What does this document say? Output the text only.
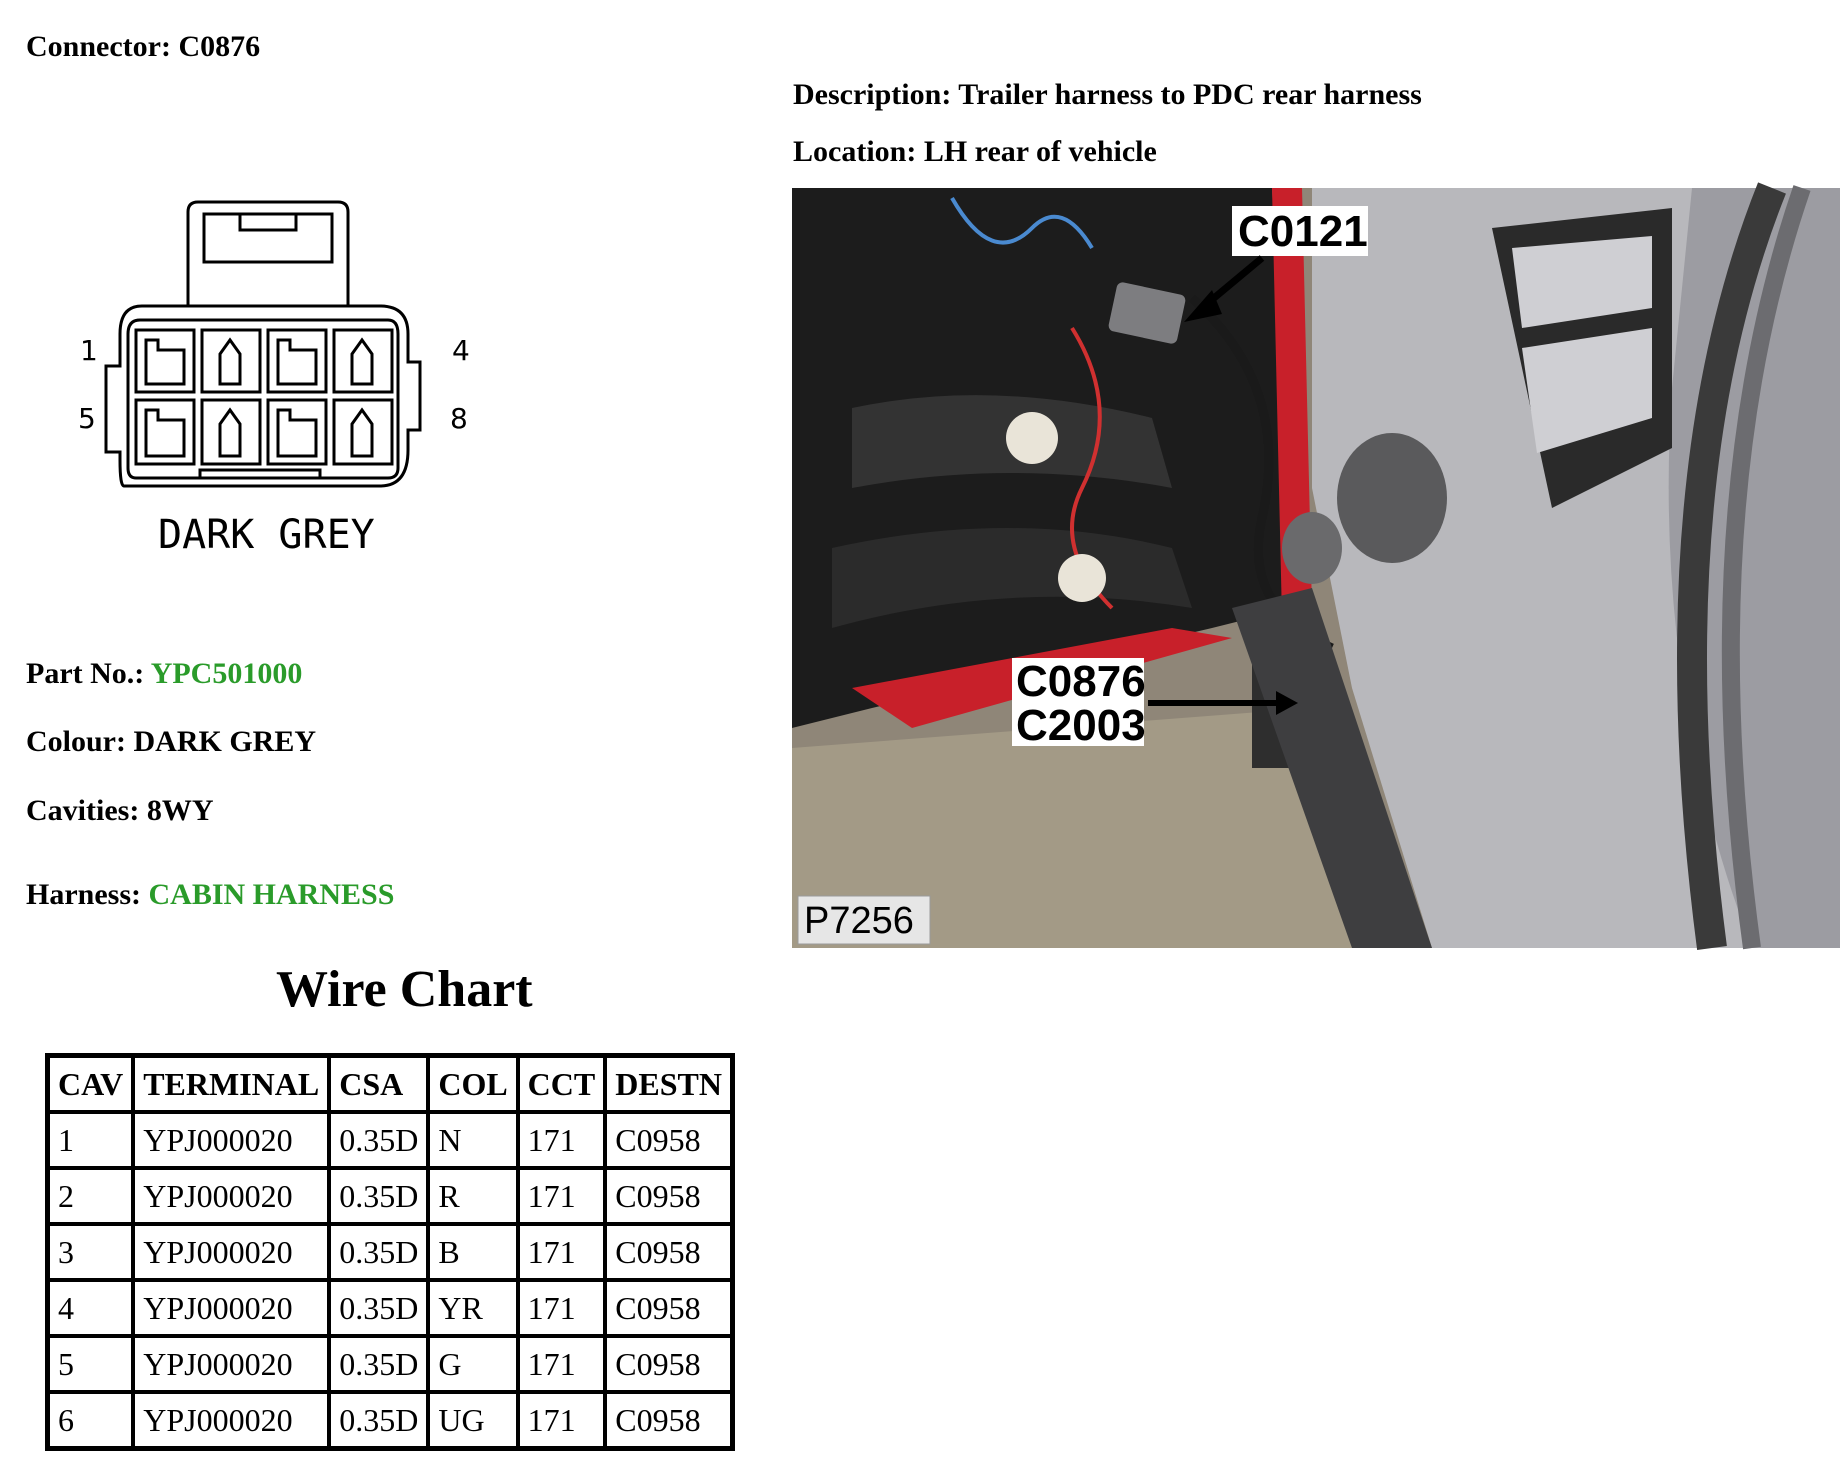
Connector: C0876
Description: Trailer harness to PDC rear harness
Location: LH rear of vehicle
1	4
5	8
DARK GREY
Part No.: YPC501000
Colour: DARK GREY
Cavities: 8WY
Harness: CABIN HARNESS
Wire Chart
CAV	TERMINAL	CSA	COL	CCT	DESTN
1	YPJ000020	0.35D	N	171	C0958
2	YPJ000020	0.35D	R	171	C0958
3	YPJ000020	0.35D	B	171	C0958
4	YPJ000020	0.35D	YR	171	C0958
5	YPJ000020	0.35D	G	171	C0958
6	YPJ000020	0.35D	UG	171	C0958
C0121
C0876
C2003
P7256
